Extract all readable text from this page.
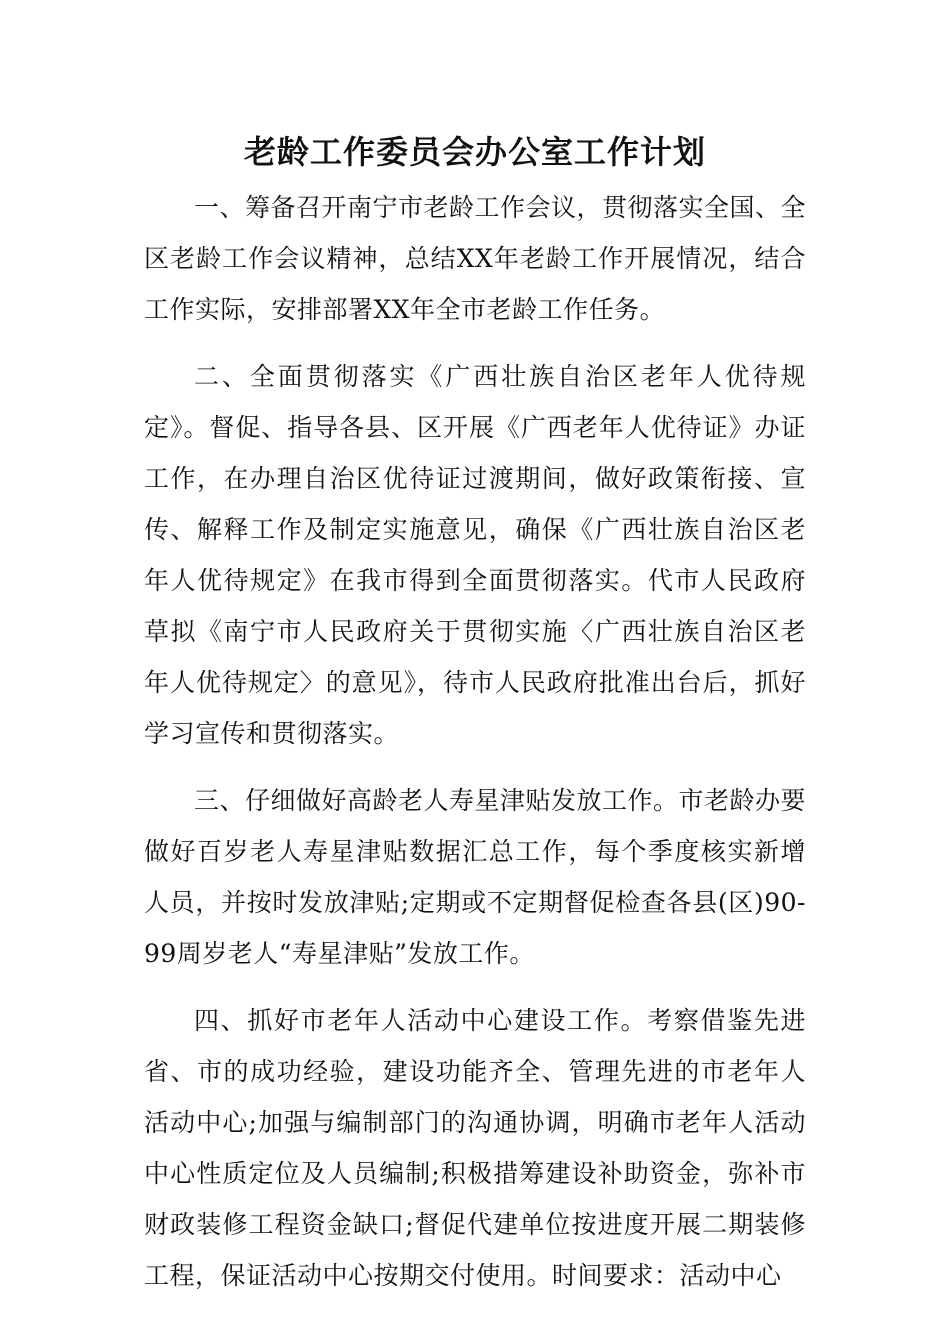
老龄工作委员会办公室工作计划

一、筹备召开南宁市老龄工作会议，贯彻落实全国、全区老龄工作会议精神，总结XX年老龄工作开展情况，结合工作实际，安排部署XX年全市老龄工作任务。

二、全面贯彻落实《广西壮族自治区老年人优待规定》。督促、指导各县、区开展《广西老年人优待证》办证工作，在办理自治区优待证过渡期间，做好政策衔接、宣传、解释工作及制定实施意见，确保《广西壮族自治区老年人优待规定》在我市得到全面贯彻落实。代市人民政府草拟《南宁市人民政府关于贯彻实施〈广西壮族自治区老年人优待规定〉的意见》，待市人民政府批准出台后，抓好学习宣传和贯彻落实。

三、仔细做好高龄老人寿星津贴发放工作。市老龄办要做好百岁老人寿星津贴数据汇总工作，每个季度核实新增人员，并按时发放津贴;定期或不定期督促检查各县(区)90-99周岁老人“寿星津贴”发放工作。

四、抓好市老年人活动中心建设工作。考察借鉴先进省、市的成功经验，建设功能齐全、管理先进的市老年人活动中心;加强与编制部门的沟通协调，明确市老年人活动中心性质定位及人员编制;积极措筹建设补助资金，弥补市财政装修工程资金缺口;督促代建单位按进度开展二期装修工程，保证活动中心按期交付使用。时间要求：活动中心
